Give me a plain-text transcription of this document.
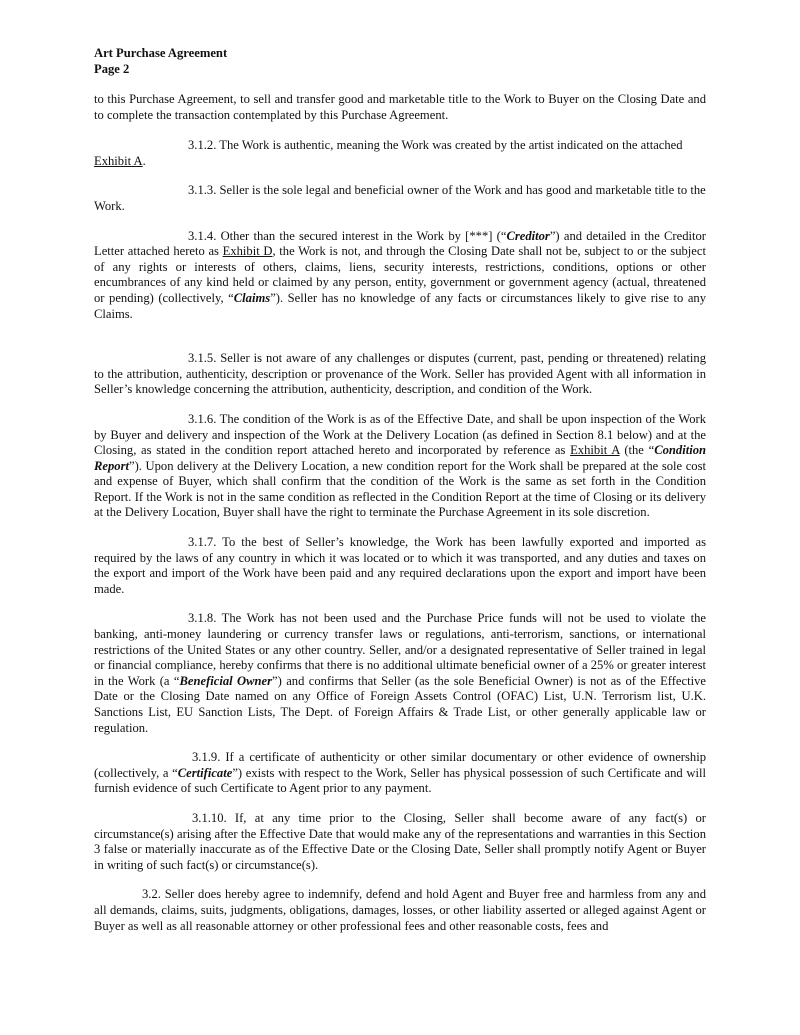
Art Purchase Agreement
Page 2

to this Purchase Agreement, to sell and transfer good and marketable title to the Work to Buyer on the Closing Date and to complete the transaction contemplated by this Purchase Agreement.

3.1.2. The Work is authentic, meaning the Work was created by the artist indicated on the attached Exhibit A.

3.1.3. Seller is the sole legal and beneficial owner of the Work and has good and marketable title to the Work.

3.1.4. Other than the secured interest in the Work by [***] (“Creditor”) and detailed in the Creditor Letter attached hereto as Exhibit D, the Work is not, and through the Closing Date shall not be, subject to or the subject of any rights or interests of others, claims, liens, security interests, restrictions, conditions, options or other encumbrances of any kind held or claimed by any person, entity, government or government agency (actual, threatened or pending) (collectively, “Claims”). Seller has no knowledge of any facts or circumstances likely to give rise to any Claims.

3.1.5. Seller is not aware of any challenges or disputes (current, past, pending or threatened) relating to the attribution, authenticity, description or provenance of the Work. Seller has provided Agent with all information in Seller’s knowledge concerning the attribution, authenticity, description, and condition of the Work.

3.1.6. The condition of the Work is as of the Effective Date, and shall be upon inspection of the Work by Buyer and delivery and inspection of the Work at the Delivery Location (as defined in Section 8.1 below) and at the Closing, as stated in the condition report attached hereto and incorporated by reference as Exhibit A (the “Condition Report”). Upon delivery at the Delivery Location, a new condition report for the Work shall be prepared at the sole cost and expense of Buyer, which shall confirm that the condition of the Work is the same as set forth in the Condition Report. If the Work is not in the same condition as reflected in the Condition Report at the time of Closing or its delivery at the Delivery Location, Buyer shall have the right to terminate the Purchase Agreement in its sole discretion.

3.1.7. To the best of Seller’s knowledge, the Work has been lawfully exported and imported as required by the laws of any country in which it was located or to which it was transported, and any duties and taxes on the export and import of the Work have been paid and any required declarations upon the export and import have been made.

3.1.8. The Work has not been used and the Purchase Price funds will not be used to violate the banking, anti-money laundering or currency transfer laws or regulations, anti-terrorism, sanctions, or international restrictions of the United States or any other country. Seller, and/or a designated representative of Seller trained in legal or financial compliance, hereby confirms that there is no additional ultimate beneficial owner of a 25% or greater interest in the Work (a “Beneficial Owner”) and confirms that Seller (as the sole Beneficial Owner) is not as of the Effective Date or the Closing Date named on any Office of Foreign Assets Control (OFAC) List, U.N. Terrorism list, U.K. Sanctions List, EU Sanction Lists, The Dept. of Foreign Affairs & Trade List, or other generally applicable law or regulation.

3.1.9. If a certificate of authenticity or other similar documentary or other evidence of ownership (collectively, a “Certificate”) exists with respect to the Work, Seller has physical possession of such Certificate and will furnish evidence of such Certificate to Agent prior to any payment.

3.1.10. If, at any time prior to the Closing, Seller shall become aware of any fact(s) or circumstance(s) arising after the Effective Date that would make any of the representations and warranties in this Section 3 false or materially inaccurate as of the Effective Date or the Closing Date, Seller shall promptly notify Agent or Buyer in writing of such fact(s) or circumstance(s).

3.2. Seller does hereby agree to indemnify, defend and hold Agent and Buyer free and harmless from any and all demands, claims, suits, judgments, obligations, damages, losses, or other liability asserted or alleged against Agent or Buyer as well as all reasonable attorney or other professional fees and other reasonable costs, fees and
